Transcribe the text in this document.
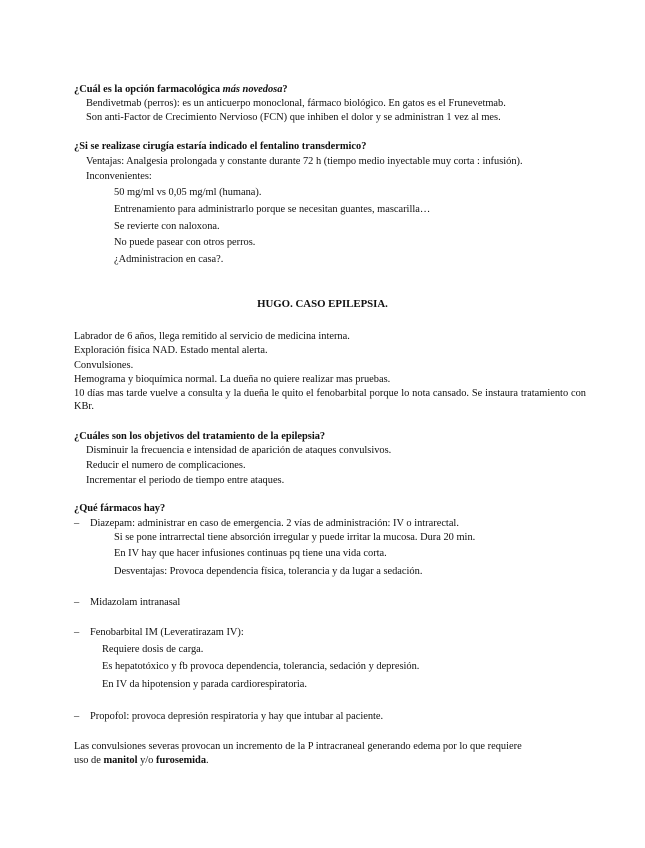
¿Cuál es la opción farmacológica más novedosa?
Bendivetmab (perros): es un anticuerpo monoclonal, fármaco biológico. En gatos es el Frunevetmab.
Son anti-Factor de Crecimiento Nervioso (FCN) que inhiben el dolor y se administran 1 vez al mes.
¿Si se realizase cirugía estaría indicado el fentalino transdermico?
Ventajas: Analgesia prolongada y constante durante 72 h (tiempo medio inyectable muy corta : infusión).
Inconvenientes:
50 mg/ml vs 0,05 mg/ml (humana).
Entrenamiento para administrarlo porque se necesitan guantes, mascarilla…
Se revierte con naloxona.
No puede pasear con otros perros.
¿Administracion en casa?.
HUGO. CASO EPILEPSIA.
Labrador de 6 años, llega remitido al servicio de medicina interna.
Exploración física NAD. Estado mental alerta.
Convulsiones.
Hemograma y bioquímica normal. La dueña no quiere realizar mas pruebas.
10 días mas tarde vuelve a consulta y la dueña le quito el fenobarbital porque lo nota cansado. Se instaura tratamiento con KBr.
¿Cuáles son los objetivos del tratamiento de la epilepsia?
Disminuir la frecuencia e intensidad de aparición de ataques convulsivos.
Reducir el numero de complicaciones.
Incrementar el periodo de tiempo entre ataques.
¿Qué fármacos hay?
– Diazepam: administrar en caso de emergencia. 2 vías de administración: IV o intrarectal.
Si se pone intrarrectal tiene absorción irregular y puede irritar la mucosa. Dura 20 min.
En IV hay que hacer infusiones continuas pq tiene una vida corta.
Desventajas: Provoca dependencia física, tolerancia y da lugar a sedación.
– Midazolam intranasal
– Fenobarbital IM (Leveratirazam IV):
Requiere dosis de carga.
Es hepatotóxico y fb provoca dependencia, tolerancia, sedación y depresión.
En IV da hipotension y parada cardiorespiratoria.
– Propofol: provoca depresión respiratoria y hay que intubar al paciente.
Las convulsiones severas provocan un incremento de la P intracraneal generando edema por lo que requiere
uso de manitol y/o furosemida.
